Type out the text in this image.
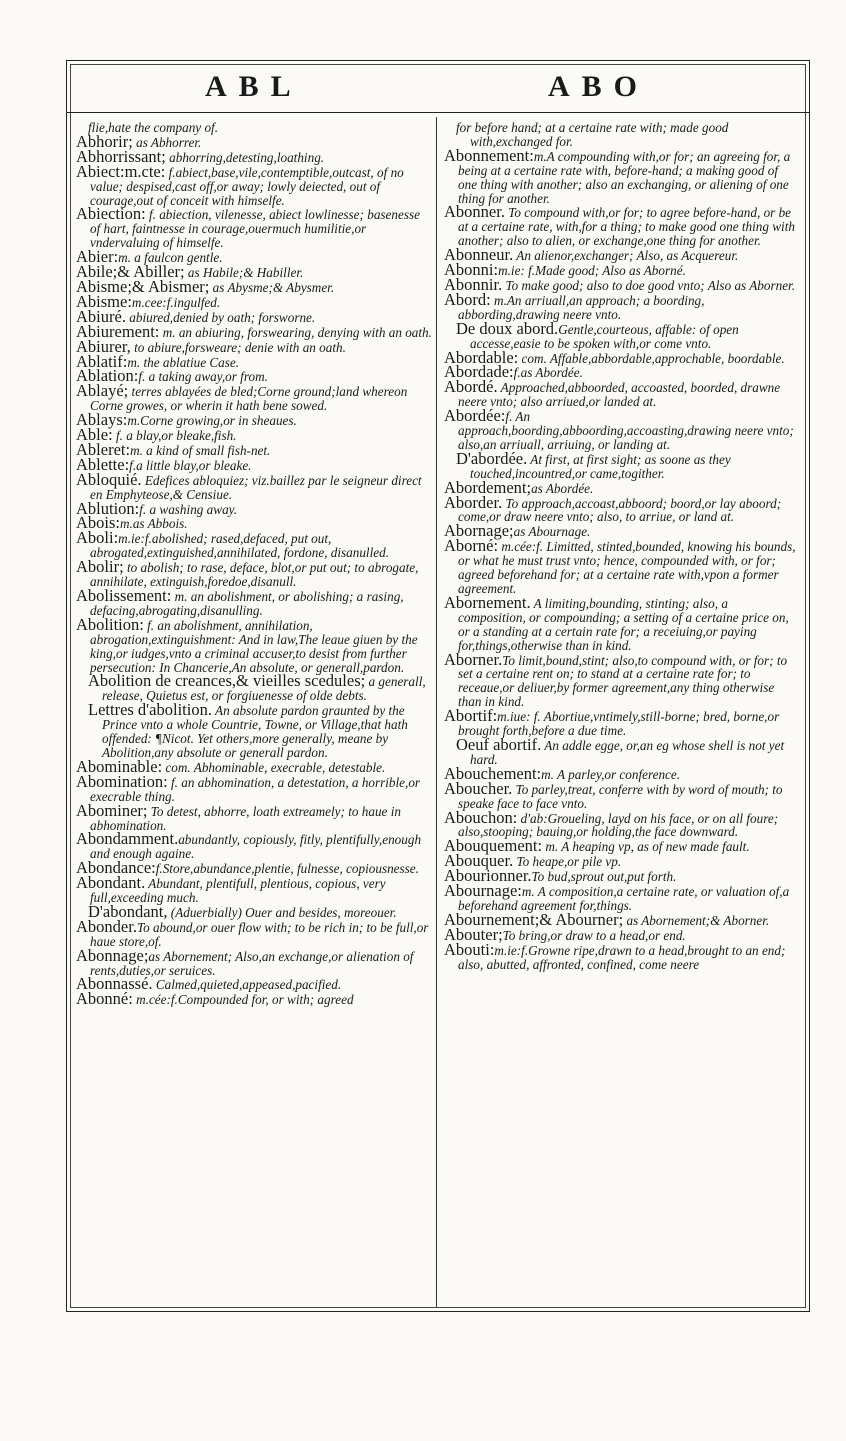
ABL	ABO

flie,hate the company of.

Abhorir; as Abhorrer.

Abhorrissant; abhorring,detesting,loathing.

Abiect:m.cte: f.abiect,base,vile,contemptible,outcast, of no value; despised,cast off,or away; lowly deiected, out of courage,out of conceit with himselfe.

Abiection: f. abiection, vilenesse, abiect lowlinesse; basenesse of hart, faintnesse in courage,ouermuch humilitie,or vndervaluing of himselfe.

Abier:m. a faulcon gentle.

Abile;& Abiller; as Habile;& Habiller.

Abisme;& Abismer; as Abysme;& Abysmer.

Abisme:m.cee:f.ingulfed.

Abiuré. abiured,denied by oath; forsworne.

Abiurement: m. an abiuring, forswearing, denying with an oath.

Abiurer, to abiure,forsweare; denie with an oath.

Ablatif:m. the ablatiue Case.

Ablation:f. a taking away,or from.

Ablayé; terres ablayées de bled;Corne ground;land whereon Corne growes, or wherin it hath bene sowed.

Ablays:m.Corne growing,or in sheaues.

Able: f. a blay,or bleake,fish.

Ableret:m. a kind of small fish-net.

Ablette:f.a little blay,or bleake.

Abloquié. Edefices abloquiez; viz.baillez par le seigneur direct en Emphyteose,& Censiue.

Ablution:f. a washing away.

Abois:m.as Abbois.

Aboli:m.ie:f.abolished; rased,defaced, put out, abrogated,extinguished,annihilated, fordone, disanulled.

Abolir; to abolish; to rase, deface, blot,or put out; to abrogate, annihilate, extinguish,foredoe,disanull.

Abolissement: m. an abolishment, or abolishing; a rasing, defacing,abrogating,disanulling.

Abolition: f. an abolishment, annihilation, abrogation,extinguishment: And in law,The leaue giuen by the king,or iudges,vnto a criminal accuser,to desist from further persecution: In Chancerie,An absolute, or generall,pardon.

Abolition de creances,& vieilles scedules; a generall, release, Quietus est, or forgiuenesse of olde debts.

Lettres d'abolition. An absolute pardon graunted by the Prince vnto a whole Countrie, Towne, or Village,that hath offended: ¶Nicot. Yet others,more generally, meane by Abolition,any absolute or generall pardon.

Abominable: com. Abhominable, execrable, detestable.

Abomination: f. an abhomination, a detestation, a horrible,or execrable thing.

Abominer; To detest, abhorre, loath extreamely; to haue in abhomination.

Abondamment.abundantly, copiously, fitly, plentifully,enough and enough againe.

Abondance:f.Store,abundance,plentie, fulnesse, copiousnesse.

Abondant. Abundant, plentifull, plentious, copious, very full,exceeding much.

D'abondant, (Aduerbially) Ouer and besides, moreouer.

Abonder.To abound,or ouer flow with; to be rich in; to be full,or haue store,of.

Abonnage;as Abornement; Also,an exchange,or alienation of rents,duties,or seruices.

Abonnassé. Calmed,quieted,appeased,pacified.

Abonné: m.cée:f.Compounded for, or with; agreed

for before hand; at a certaine rate with; made good with,exchanged for.

Abonnement:m.A compounding with,or for; an agreeing for, a being at a certaine rate with, before-hand; a making good of one thing with another; also an exchanging, or aliening of one thing for another.

Abonner. To compound with,or for; to agree before-hand, or be at a certaine rate, with,for a thing; to make good one thing with another; also to alien, or exchange,one thing for another.

Abonneur. An alienor,exchanger; Also, as Acquereur.

Abonni:m.ie: f.Made good; Also as Aborné.

Abonnir. To make good; also to doe good vnto; Also as Aborner.

Abord: m.An arriuall,an approach; a boording, abbording,drawing neere vnto.

De doux abord.Gentle,courteous, affable: of open accesse,easie to be spoken with,or come vnto.

Abordable: com. Affable,abbordable,approchable, boordable.

Abordade:f.as Abordée.

Abordé. Approached,abboorded, accoasted, boorded, drawne neere vnto; also arriued,or landed at.

Abordée:f. An approach,boording,abboording,accoasting,drawing neere vnto; also,an arriuall, arriuing, or landing at.

D'abordée. At first, at first sight; as soone as they touched,incountred,or came,togither.

Abordement;as Abordée.

Aborder. To approach,accoast,abboord; boord,or lay aboord; come,or draw neere vnto; also, to arriue, or land at.

Abornage;as Abournage.

Aborné: m.cée:f. Limitted, stinted,bounded, knowing his bounds, or what he must trust vnto; hence, compounded with, or for; agreed beforehand for; at a certaine rate with,vpon a former agreement.

Abornement. A limiting,bounding, stinting; also, a composition, or compounding; a setting of a certaine price on, or a standing at a certain rate for; a receiuing,or paying for,things,otherwise than in kind.

Aborner.To limit,bound,stint; also,to compound with, or for; to set a certaine rent on; to stand at a certaine rate for; to receaue,or deliuer,by former agreement,any thing otherwise than in kind.

Abortif:m.iue: f. Abortiue,vntimely,still-borne; bred, borne,or brought forth,before a due time.

Oeuf abortif. An addle egge, or,an eg whose shell is not yet hard.

Abouchement:m. A parley,or conference.

Aboucher. To parley,treat, conferre with by word of mouth; to speake face to face vnto.

Abouchon: d'ab:Groueling, layd on his face, or on all foure; also,stooping; bauing,or holding,the face downward.

Abouquement: m. A heaping vp, as of new made fault.

Abouquer. To heape,or pile vp.

Abourionner.To bud,sprout out,put forth.

Abournage:m. A composition,a certaine rate, or valuation of,a beforehand agreement for,things.

Abournement;& Abourner; as Abornement;& Aborner.

Abouter;To bring,or draw to a head,or end.

Abouti:m.ie:f.Growne ripe,drawn to a head,brought to an end; also, abutted, affronted, confined, come neere
